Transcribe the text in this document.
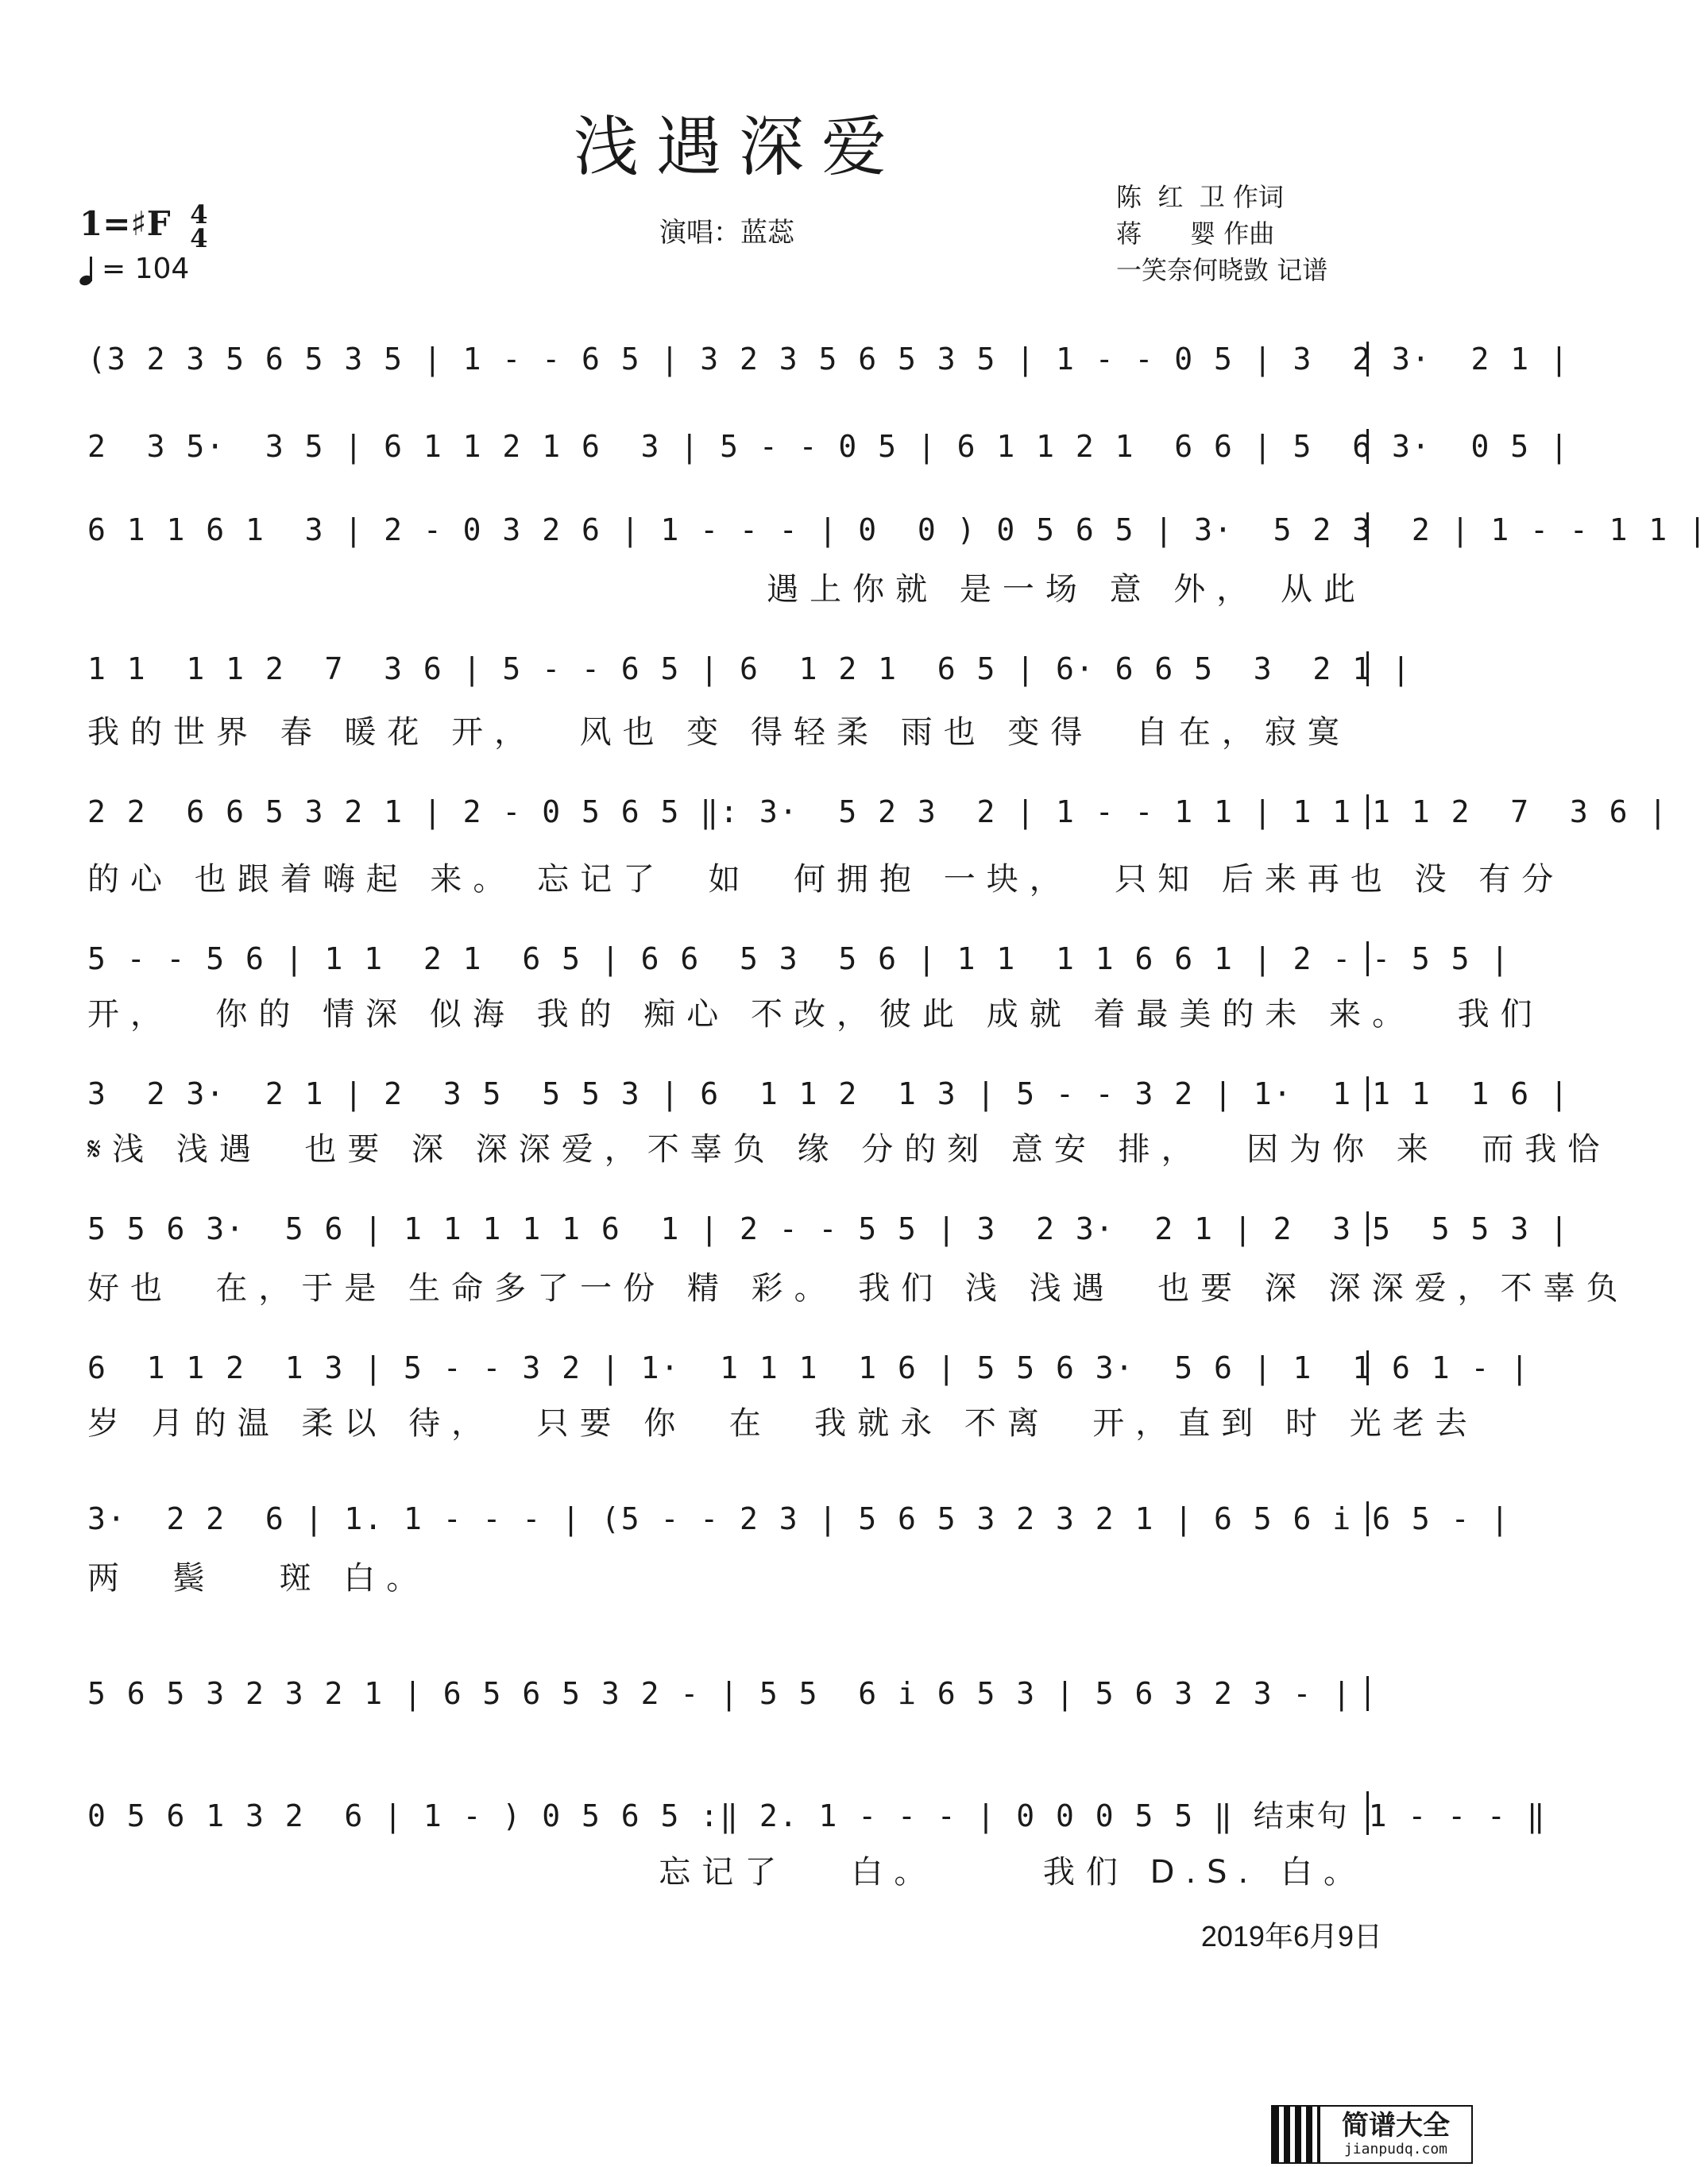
浅遇深爱
1=♯F 4
4
= 104
演唱：蓝蕊
陈  红  卫 作词
蒋      婴 作曲
一笑奈何晓敳 记谱
(3 2 3 5 6 5 3 5 | 1 - - 6 5 | 3 2 3 5 6 5 3 5 | 1 - - 0 5 | 3  2 3·  2 1 |
2  3 5·  3 5 | 6 1 1 2 1 6  3 | 5 - - 0 5 | 6 1 1 2 1  6 6 | 5  6 3·  0 5 |
6 1 1 6 1  3 | 2 - 0 3 2 6 | 1 - - - | 0  0 ) 0 5 6 5 | 3·  5 2 3  2 | 1 - - 1 1 |
遇上你就 是一场 意 外， 从此
1 1  1 1 2  7  3 6 | 5 - - 6 5 | 6  1 2 1  6 5 | 6· 6 6 5  3  2 1 |
我的世界 春 暖花 开，  风也 变 得轻柔 雨也 变得  自在，寂寞
2 2  6 6 5 3 2 1 | 2 - 0 5 6 5 ‖: 3·  5 2 3  2 | 1 - - 1 1 | 1 1 1 1 2  7  3 6 |
的心 也跟着嗨起 来。 忘记了  如  何拥抱 一块，  只知 后来再也 没 有分
5 - - 5 6 | 1 1  2 1  6 5 | 6 6  5 3  5 6 | 1 1  1 1 6 6 1 | 2 - - 5 5 |
开，  你的 情深 似海 我的 痴心 不改，彼此 成就 着最美的未 来。  我们
3  2 3·  2 1 | 2  3 5  5 5 3 | 6  1 1 2  1 3 | 5 - - 3 2 | 1·  1 1 1  1 6 |
𝄋浅 浅遇  也要 深 深深爱，不辜负 缘 分的刻 意安 排，  因为你 来  而我恰
5 5 6 3·  5 6 | 1 1 1 1 1 6  1 | 2 - - 5 5 | 3  2 3·  2 1 | 2  3 5  5 5 3 |
好也  在，于是 生命多了一份 精 彩。 我们 浅 浅遇  也要 深 深深爱，不辜负
6  1 1 2  1 3 | 5 - - 3 2 | 1·  1 1 1  1 6 | 5 5 6 3·  5 6 | 1  1 6 1 - |
岁 月的温 柔以 待，  只要 你  在  我就永 不离  开，直到 时 光老去
3·  2 2  6 | 1. 1 - - - | (5 - - 2 3 | 5 6 5 3 2 3 2 1 | 6 5 6 i 6 5 - |
两  鬓   斑 白。
5 6 5 3 2 3 2 1 | 6 5 6 5 3 2 - | 5 5  6 i 6 5 3 | 5 6 3 2 3 - |
0 5 6 1 3 2  6 | 1 - ) 0 5 6 5 :‖ 2. 1 - - - | 0 0 0 5 5 ‖ 结束句 1 - - - ‖
忘记了   白。     我们 D.S. 白。
2019年6月9日
简谱大全
jianpudq.com
